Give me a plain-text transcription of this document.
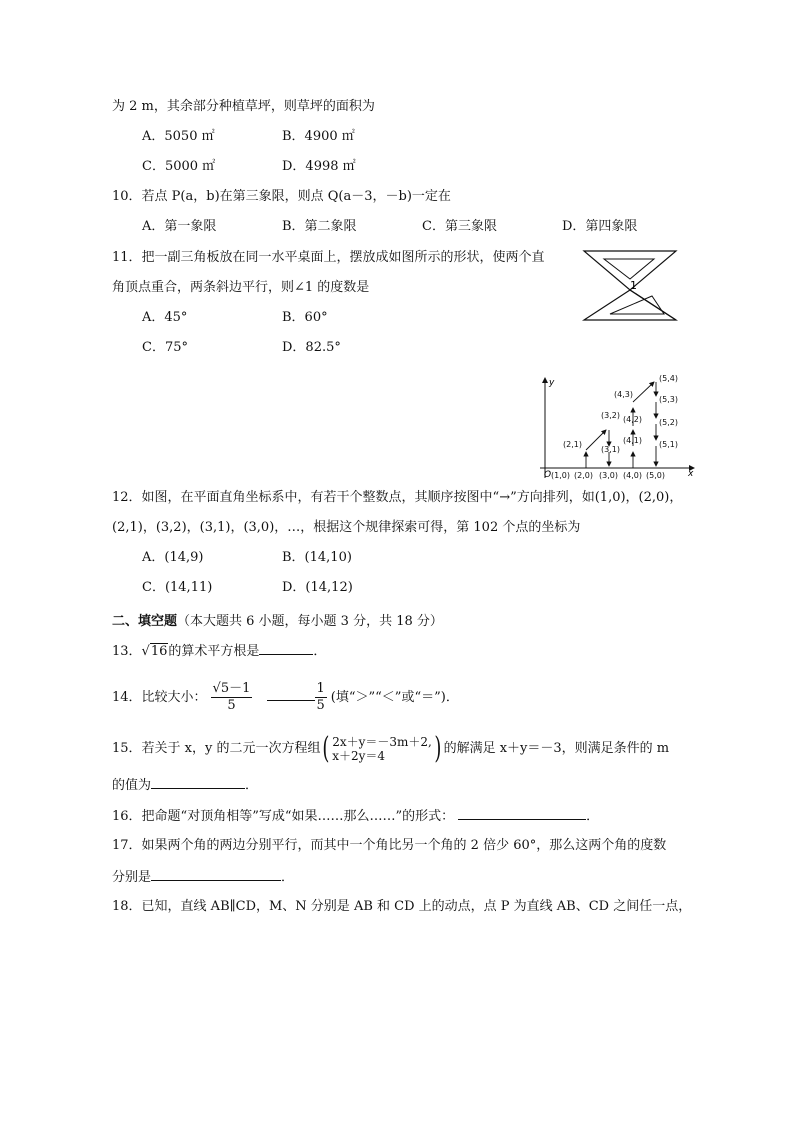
为 2 m，其余部分种植草坪，则草坪的面积为
A．5050 ㎡	B．4900 ㎡
C．5000 ㎡	D．4998 ㎡
10．若点 P(a，b)在第三象限，则点 Q(a－3，－b)一定在
A．第一象限	B．第二象限	C．第三象限	D．第四象限
11．把一副三角板放在同一水平桌面上，摆放成如图所示的形状，使两个直
角顶点重合，两条斜边平行，则∠1 的度数是
A．45°	B．60°
C．75°	D．82.5°
1
x
y
O (1,0) (2,0)
(2,1)
(3,2)
(3,1)
(3,0) (4,0)
(4,1)
(4,2)
(4,3)
(5,4)
(5,3)
(5,2)
(5,1)
(5,0)
12．如图，在平面直角坐标系中，有若干个整数点，其顺序按图中“→”方向排列，如(1,0)，(2,0)，
(2,1)，(3,2)，(3,1)，(3,0)，…，根据这个规律探索可得，第 102 个点的坐标为
A．(14,9)	B．(14,10)
C．(14,11)	D．(14,12)
二、填空题（本大题共 6 小题，每小题 3 分，共 18 分）
13．√16的算术平方根是	．
14．比较大小： $\frac{√5-1}{5}$
	$\frac{1}{5}$ (填“＞”“＜”或“＝”)．
15．若关于 x，y 的二元一次方程组( 2x＋y＝－3m＋2,
x＋2y＝4	) 的解满足 x＋y＝－3，则满足条件的 m
的值为	．
16．把命题“对顶角相等”写成“如果……那么……”的形式：	．
17．如果两个角的两边分别平行，而其中一个角比另一个角的 2 倍少 60°，那么这两个角的度数
分别是	．
18．已知，直线 AB∥CD，M、N 分别是 AB 和 CD 上的动点，点 P 为直线 AB、CD 之间任一点，
